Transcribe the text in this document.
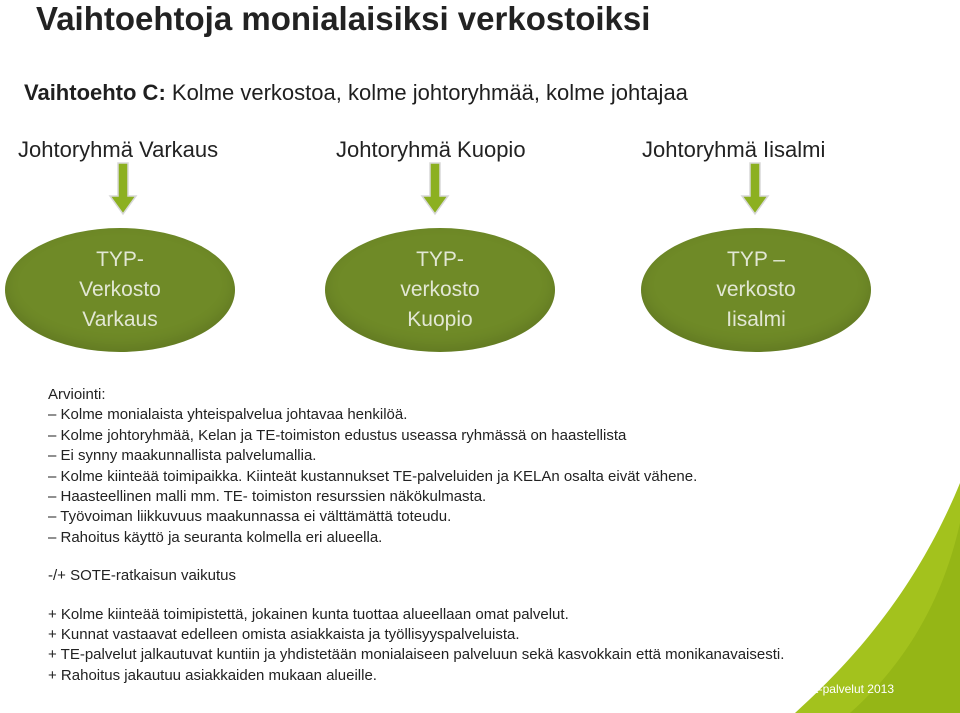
Vaihtoehtoja monialaisiksi verkostoiksi
Vaihtoehto C: Kolme verkostoa, kolme johtoryhmää, kolme johtajaa
Johtoryhmä Varkaus	Johtoryhmä Kuopio	Johtoryhmä Iisalmi
TYP-
Verkosto
Varkaus
TYP-
verkosto
Kuopio
TYP –
verkosto
Iisalmi
Arviointi:
– Kolme monialaista yhteispalvelua johtavaa henkilöä.
– Kolme johtoryhmää, Kelan ja TE-toimiston edustus useassa ryhmässä on haastellista
– Ei synny maakunnallista palvelumallia.
– Kolme kiinteää toimipaikka. Kiinteät kustannukset TE-palveluiden ja KELAn osalta eivät vähene.
– Haasteellinen malli mm. TE- toimiston resurssien näkökulmasta.
– Työvoiman liikkuvuus maakunnassa ei välttämättä toteudu.
– Rahoitus käyttö ja seuranta kolmella eri alueella.
-/+ SOTE-ratkaisun vaikutus
+ Kolme kiinteää toimipistettä, jokainen kunta tuottaa alueellaan omat palvelut.
+ Kunnat vastaavat edelleen omista asiakkaista ja työllisyyspalveluista.
+ TE-palvelut jalkautuvat kuntiin ja yhdistetään monialaiseen palveluun sekä kasvokkain että monikanavaisesti.
+ Rahoitus jakautuu asiakkaiden mukaan alueille.
© TE-palvelut 2013
